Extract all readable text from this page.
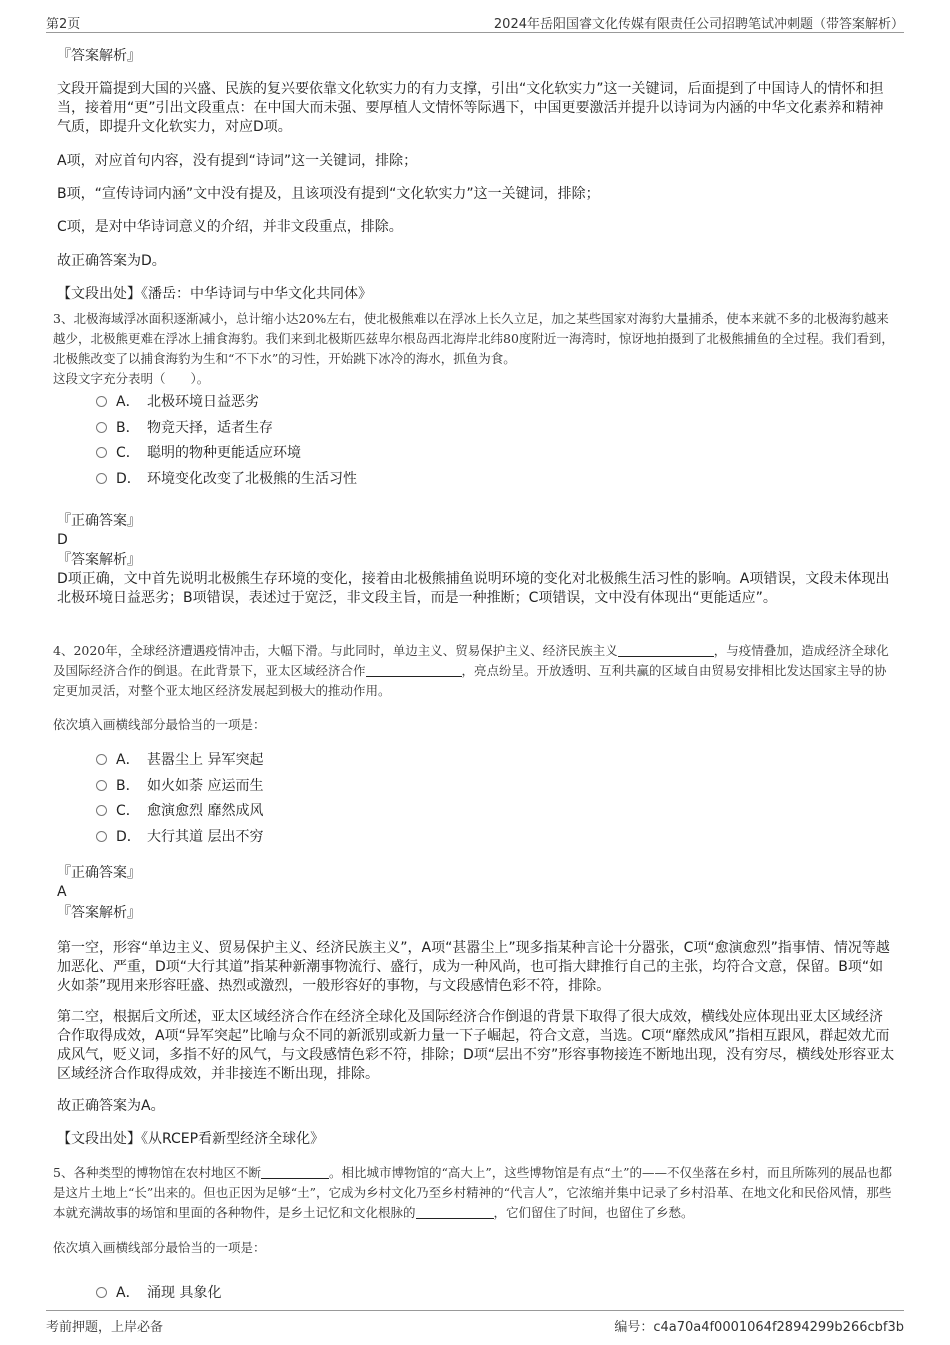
第2页	2024年岳阳国睿文化传媒有限责任公司招聘笔试冲刺题（带答案解析）
『答案解析』
文段开篇提到大国的兴盛、民族的复兴要依靠文化软实力的有力支撑，引出“文化软实力”这一关键词，后面提到了中国诗人的情怀和担当，接着用“更”引出文段重点：在中国大而未强、要厚植人文情怀等际遇下，中国更要激活并提升以诗词为内涵的中华文化素养和精神气质，即提升文化软实力，对应D项。
A项，对应首句内容，没有提到“诗词”这一关键词，排除；
B项，“宣传诗词内涵”文中没有提及，且该项没有提到“文化软实力”这一关键词，排除；
C项，是对中华诗词意义的介绍，并非文段重点，排除。
故正确答案为D。
【文段出处】《潘岳：中华诗词与中华文化共同体》
3、北极海域浮冰面积逐渐减小，总计缩小达20%左右，使北极熊难以在浮冰上长久立足，加之某些国家对海豹大量捕杀，使本来就不多的北极海豹越来越少，北极熊更难在浮冰上捕食海豹。我们来到北极斯匹兹卑尔根岛西北海岸北纬80度附近一海湾时，惊讶地拍摄到了北极熊捕鱼的全过程。我们看到，北极熊改变了以捕食海豹为生和“不下水”的习性，开始跳下冰冷的海水，抓鱼为食。
这段文字充分表明（　　）。
A． 北极环境日益恶劣
B． 物竞天择，适者生存
C． 聪明的物种更能适应环境
D． 环境变化改变了北极熊的生活习性
『正确答案』
D
『答案解析』
D项正确，文中首先说明北极熊生存环境的变化，接着由北极熊捕鱼说明环境的变化对北极熊生活习性的影响。A项错误，文段未体现出北极环境日益恶劣；B项错误，表述过于宽泛，非文段主旨，而是一种推断；C项错误，文中没有体现出“更能适应”。
4、2020年，全球经济遭遇疫情冲击，大幅下滑。与此同时，单边主义、贸易保护主义、经济民族主义	，与疫情叠加，造成经济全球化及国际经济合作的倒退。在此背景下，亚太区域经济合作	，亮点纷呈。开放透明、互利共赢的区域自由贸易安排相比发达国家主导的协定更加灵活，对整个亚太地区经济发展起到极大的推动作用。
依次填入画横线部分最恰当的一项是：
A． 甚嚣尘上 异军突起
B． 如火如荼 应运而生
C． 愈演愈烈 靡然成风
D． 大行其道 层出不穷
『正确答案』
A
『答案解析』
第一空，形容“单边主义、贸易保护主义、经济民族主义”，A项“甚嚣尘上”现多指某种言论十分嚣张，C项“愈演愈烈”指事情、情况等越加恶化、严重，D项“大行其道”指某种新潮事物流行、盛行，成为一种风尚，也可指大肆推行自己的主张，均符合文意，保留。B项“如火如荼”现用来形容旺盛、热烈或激烈，一般形容好的事物，与文段感情色彩不符，排除。
第二空，根据后文所述，亚太区域经济合作在经济全球化及国际经济合作倒退的背景下取得了很大成效，横线处应体现出亚太区域经济合作取得成效，A项“异军突起”比喻与众不同的新派别或新力量一下子崛起，符合文意，当选。C项“靡然成风”指相互跟风，群起效尤而成风气，贬义词，多指不好的风气，与文段感情色彩不符，排除；D项“层出不穷”形容事物接连不断地出现，没有穷尽，横线处形容亚太区域经济合作取得成效，并非接连不断出现，排除。
故正确答案为A。
【文段出处】《从RCEP看新型经济全球化》
5、各种类型的博物馆在农村地区不断	。相比城市博物馆的“高大上”，这些博物馆是有点“土”的——不仅坐落在乡村，而且所陈列的展品也都是这片土地上“长”出来的。但也正因为足够“土”，它成为乡村文化乃至乡村精神的“代言人”，它浓缩并集中记录了乡村沿革、在地文化和民俗风情，那些本就充满故事的场馆和里面的各种物件，是乡土记忆和文化根脉的	，它们留住了时间，也留住了乡愁。
依次填入画横线部分最恰当的一项是：
A． 涌现 具象化
考前押题，上岸必备	编号：c4a70a4f0001064f2894299b266cbf3b
